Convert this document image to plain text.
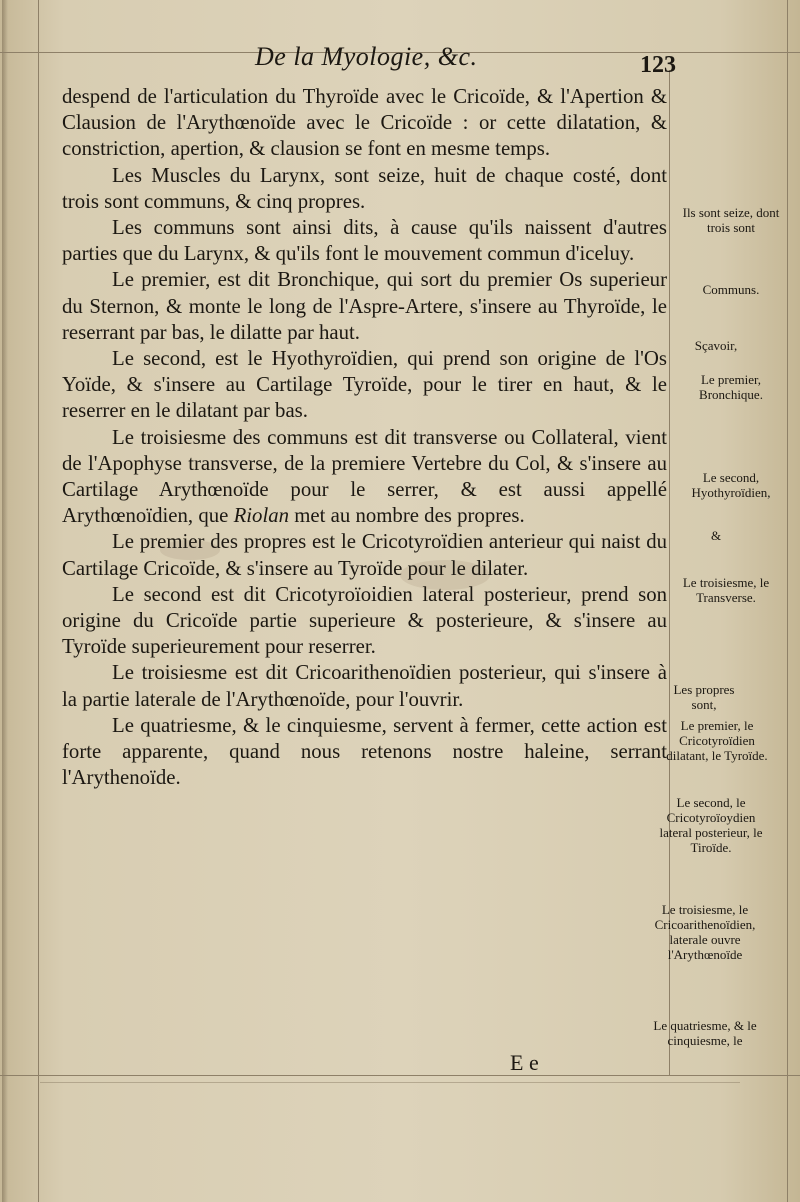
De la Myologie, &c.	123

despend de l'articulation du Thyroïde avec le Cricoïde, & l'Apertion & Clausion de l'Arythœnoïde avec le Cricoïde : or cette dilatation, & constriction, apertion, & clausion se font en mesme temps.

Les Muscles du Larynx, sont seize, huit de chaque costé, dont trois sont communs, & cinq propres.

Les communs sont ainsi dits, à cause qu'ils naissent d'autres parties que du Larynx, & qu'ils font le mouvement commun d'iceluy.

Le premier, est dit Bronchique, qui sort du premier Os superieur du Sternon, & monte le long de l'Aspre-Artere, s'insere au Thyroïde, le reserrant par bas, le dilatte par haut.

Le second, est le Hyothyroïdien, qui prend son origine de l'Os Yoïde, & s'insere au Cartilage Tyroïde, pour le tirer en haut, & le reserrer en le dilatant par bas.

Le troisiesme des communs est dit transverse ou Collateral, vient de l'Apophyse transverse, de la premiere Vertebre du Col, & s'insere au Cartilage Arythœnoïde pour le serrer, & est aussi appellé Arythœnoïdien, que Riolan met au nombre des propres.

Le premier des propres est le Cricotyroïdien anterieur qui naist du Cartilage Cricoïde, & s'insere au Tyroïde pour le dilater.

Le second est dit Cricotyroïoidien lateral posterieur, prend son origine du Cricoïde partie superieure & posterieure, & s'insere au Tyroïde superieurement pour reserrer.

Le troisiesme est dit Cricoarithenoïdien posterieur, qui s'insere à la partie laterale de l'Arythœnoïde, pour l'ouvrir.

Le quatriesme, & le cinquiesme, servent à fermer, cette action est forte apparente, quand nous retenons nostre haleine, serrant l'Arythenoïde.

Ils sont seize, dont trois sont
Communs.
Sçavoir,
Le premier, Bronchique.
Le second, Hyothyroïdien,
&
Le troisiesme, le Transverse.
Les propres sont,
Le premier, le Cricotyroïdien dilatant, le Tyroïde.
Le second, le Cricotyroïoydien lateral posterieur, le Tiroïde.
Le troisiesme, le Cricoarithenoïdien, laterale ouvre l'Arythœnoïde
Le quatriesme, & le cinquiesme, le
E e
